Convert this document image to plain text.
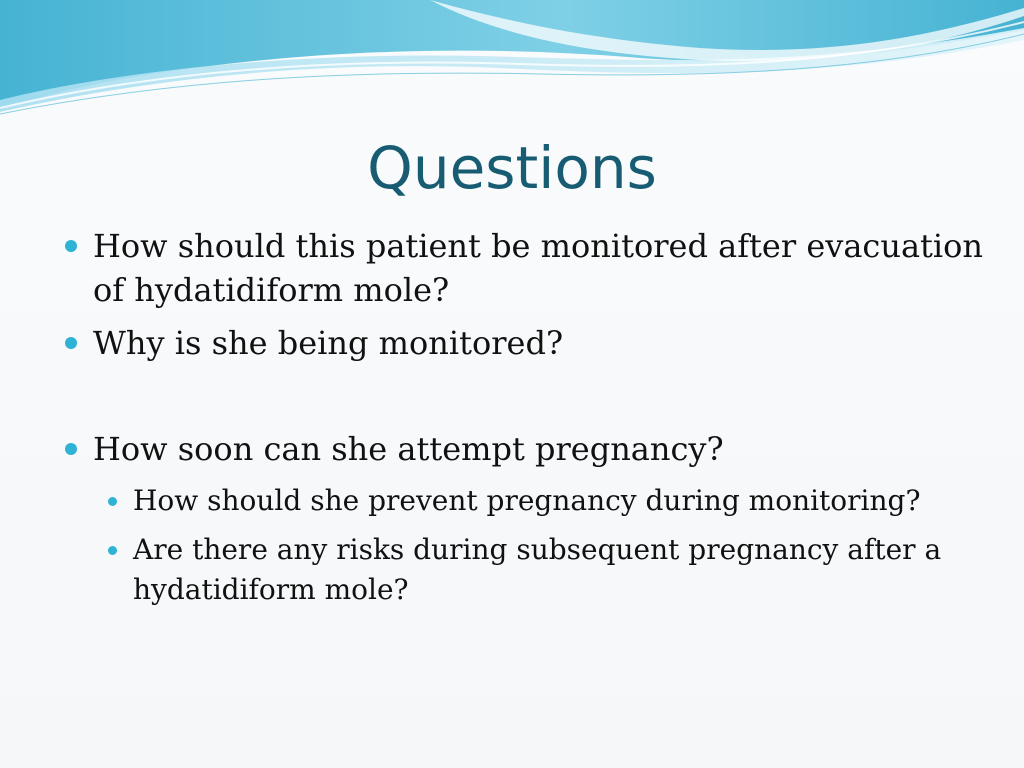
Questions
How should this patient be monitored after evacuation of hydatidiform mole?
Why is she being monitored?
How soon can she attempt pregnancy?
How should she prevent pregnancy during monitoring?
Are there any risks during subsequent pregnancy after a hydatidiform mole?
